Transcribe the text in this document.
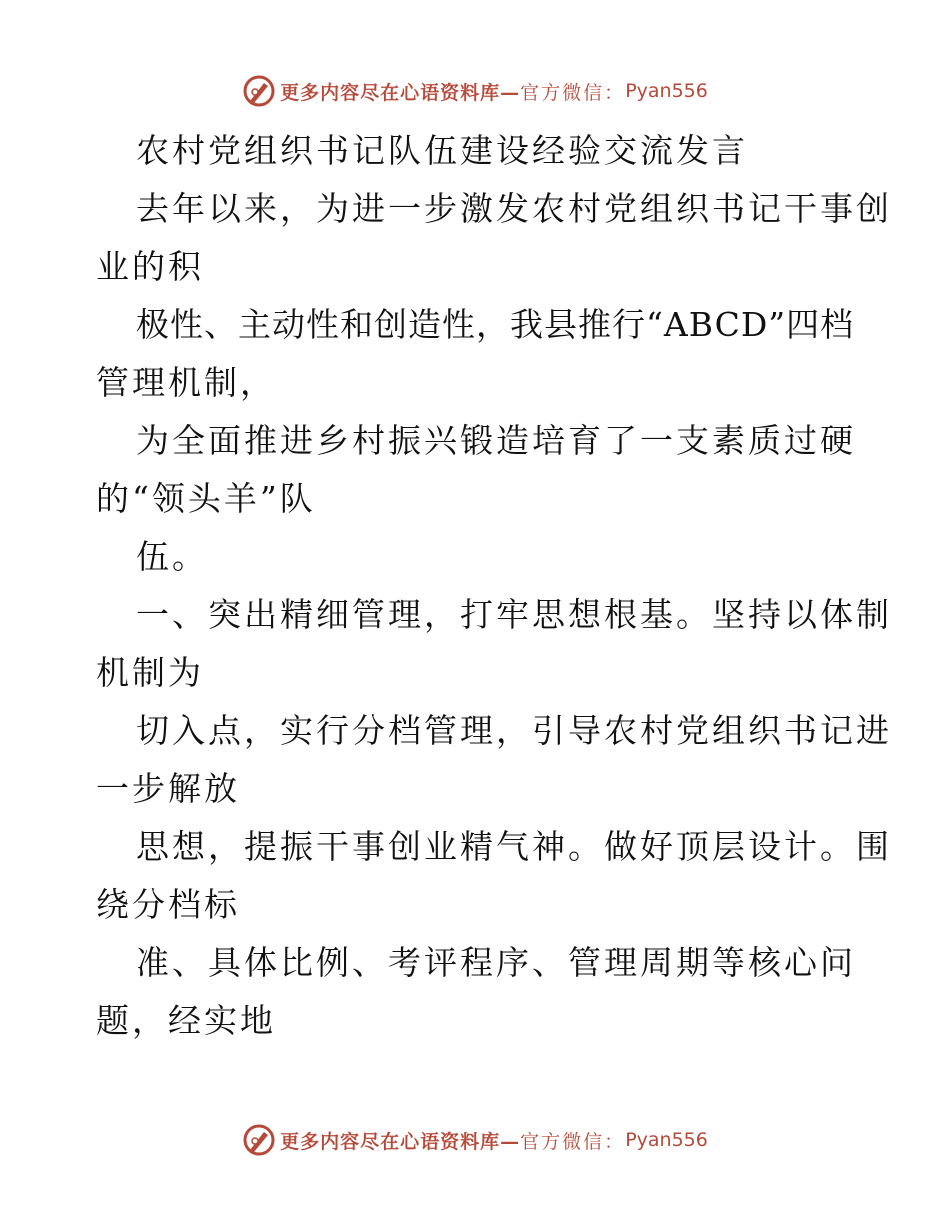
更多内容尽在心语资料库— 官方微信： Pyan556
农村党组织书记队伍建设经验交流发言
去年以来，为进一步激发农村党组织书记干事创
业的积
极性、主动性和创造性，我县推行“ABCD”四档
管理机制，
为全面推进乡村振兴锻造培育了一支素质过硬
的“领头羊”队
伍。
一、突出精细管理，打牢思想根基。坚持以体制
机制为
切入点，实行分档管理，引导农村党组织书记进
一步解放
思想，提振干事创业精气神。做好顶层设计。围
绕分档标
准、具体比例、考评程序、管理周期等核心问
题，经实地
更多内容尽在心语资料库— 官方微信： Pyan556
